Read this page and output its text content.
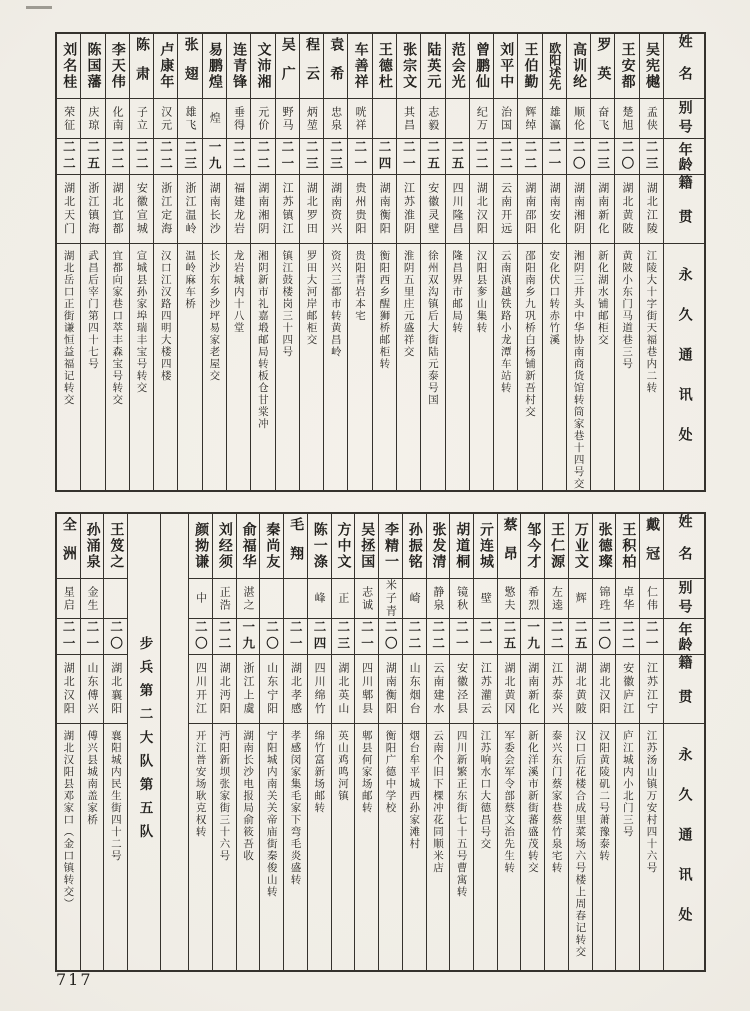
刘名桂
荣征
二二
湖北天门
湖北岳口正街谦恒益福记转交
陈国藩
庆琼
二五
浙江镇海
武昌后宰门第四十七号
李天伟
化南
二二
湖北宜都
宜都向家巷口萃丰森宝号转交
陈肃
子立
二二
安徽宣城
宣城县孙家埠瑞丰宝号转交
卢康年
汉元
二二
浙江定海
汉口江汉路四明大楼四楼
张翅
雄飞
二三
浙江温岭
温岭麻车桥
易鹏煌
煌
一九
湖南长沙
长沙东乡沙坪易家老屋交
连青锋
垂得
二二
福建龙岩
龙岩城内十八堂
文沛湘
元价
二二
湖南湘阴
湘阴新市礼嘉塅邮局转板仓甘棠冲
吴广
野马
二一
江苏镇江
镇江鼓楼岗三十四号
程云
炳堃
二三
湖北罗田
罗田大河岸邮柜交
袁希
忠泉
二三
湖南资兴
资兴三都市转黄昌岭
车善祥
咣祥
二一
贵州贵阳
贵阳青岩本宅
王德杜
二四
湖南衡阳
衡阳西乡醒狮桥邮柜转
张宗文
其昌
二一
江苏淮阴
淮阴五里庄元盛祥交
陆英元
志毅
二五
安徽灵壁
徐州双沟镇后大街陆元泰号国
范会光
二五
四川隆昌
隆昌界市邮局转
曾鹏仙
纪万
二二
湖北汉阳
汉阳县奓山集转
刘平中
治国
二二
云南开远
云南滇越铁路小龙潭车站转
王伯勤
辉绰
二二
湖南邵阳
邵阳南乡九巩桥白杨铺新吾村交
欧阳述先
雄瀛
二一
湖南安化
安化伏口转赤竹溪
高训纶
顺伦
二〇
湖南湘阴
湘阴三井头中华协南商货馆转筒家巷十四号交
罗英
奋飞
二三
湖南新化
新化湖水铺邮柜交
王安都
楚旭
二〇
湖北黄陂
黄陂小东门马道巷三号
吴宪樾
孟侠
二三
湖北江陵
江陵大十字街天福巷内二转
姓名
别号
年龄
籍贯
永久通讯处
全洲
星启
二一
湖北汉阳
湖北汉阳县邓家口（金口镇转交）
孙涌泉
金生
二一
山东傅兴
傅兴县城南盖家桥
王笈之
二〇
湖北襄阳
襄阳城内民生街四十二号 步兵第二大队第五队
颜拗谦
中
二〇
四川开江
开江普安场耿克权转
刘经须
正浩
二二
湖北沔阳
沔阳新坝张家街三十六号
俞福华
湛之
一九
浙江上虞
湖南长沙电报局俞筱吾收
秦尚友
二〇
山东宁阳
宁阳城内南关关帝庙街秦俊山转
毛翔
二一
湖北孝感
孝感闵家集毛家下弯毛炎盛转
陈一涤
峰
二四
四川绵竹
绵竹富新场邮转
方中文
正
二三
湖北英山
英山鸡鸣河镇
吴拯国
志诚
二一
四川郫县
郫县何家场邮转
李精一
米子青
二〇
湖南衡阳
衡阳广德中学校
孙振铭
崎
二二
山东烟台
烟台牟平城西孙家滩村
张发清
静泉
二二
云南建水
云南个旧下棵冲花同顺米店
胡道桐
镜秋
二一
安徽泾县
四川新繁正东街七十五号曹寓转
亓连城
壁
二一
江苏灌云
江苏响水口大德昌号交
蔡昂
憼夫
二五
湖北黄冈
军委会军令部蔡文治先生转
邹今才
希烈
一九
湖南新化
新化洋溪市新街蕃盛茂转交
王仁源
左逵
二二
江苏泰兴
泰兴东门蔡家巷蔡竹泉宅转
万业文
辉
二五
湖北黄陂
汉口后花楼合成里菜场六号楼上周春记转交
张德璨
锦珄
二〇
湖北汉阳
汉阳黄陵矶二号萧豫泰转
王积柏
卓华
二二
安徽庐江
庐江城内小北门三号
戴冠
仁伟
二一
江苏江宁
江苏汤山镇万安村四十六号
姓名
别号
年龄
籍贯
永久通讯处
717
